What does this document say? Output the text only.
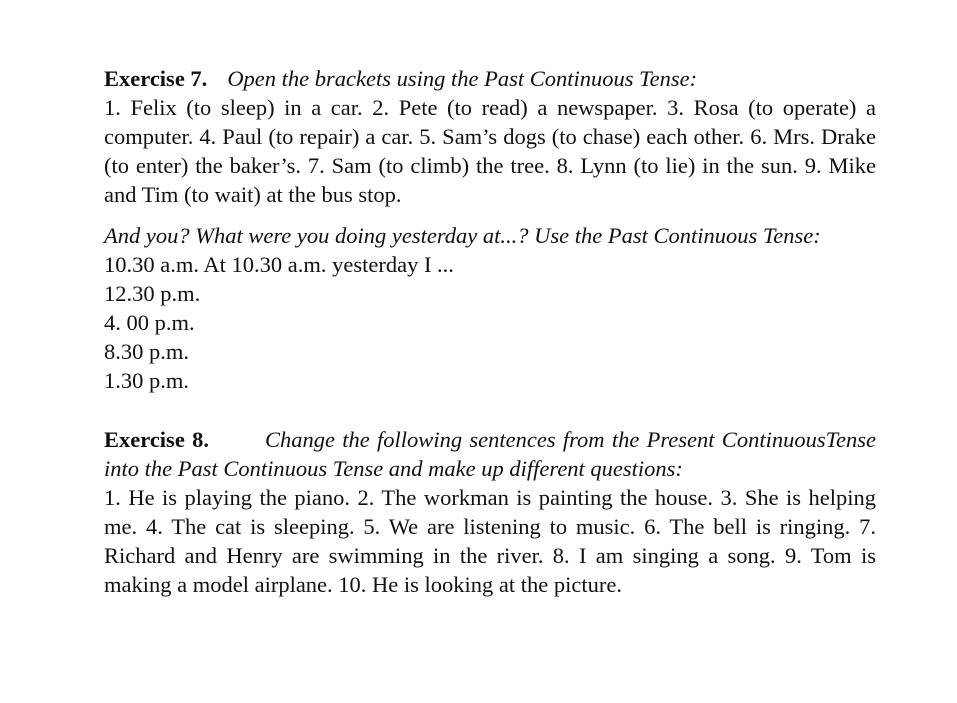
Exercise 7. Open the brackets using the Past Continuous Tense:

1. Felix (to sleep) in a car. 2. Pete (to read) a newspaper. 3. Rosa (to operate) a computer. 4. Paul (to repair) a car. 5. Sam’s dogs (to chase) each other. 6. Mrs. Drake (to enter) the baker’s. 7. Sam (to climb) the tree. 8. Lynn (to lie) in the sun. 9. Mike and Tim (to wait) at the bus stop.

And you? What were you doing yesterday at...? Use the Past Continuous Tense:

10.30 a.m. At 10.30 a.m. yesterday I ...
12.30 p.m.
4. 00 p.m.
8.30 p.m.
1.30 p.m.

Exercise 8. Change the following sentences from the Present ContinuousTense into the Past Continuous Tense and make up different questions:

1. He is playing the piano. 2. The workman is painting the house. 3. She is helping me. 4. The cat is sleeping. 5. We are listening to music. 6. The bell is ringing. 7. Richard and Henry are swimming in the river. 8. I am singing a song. 9. Tom is making a model airplane. 10. He is looking at the picture.
